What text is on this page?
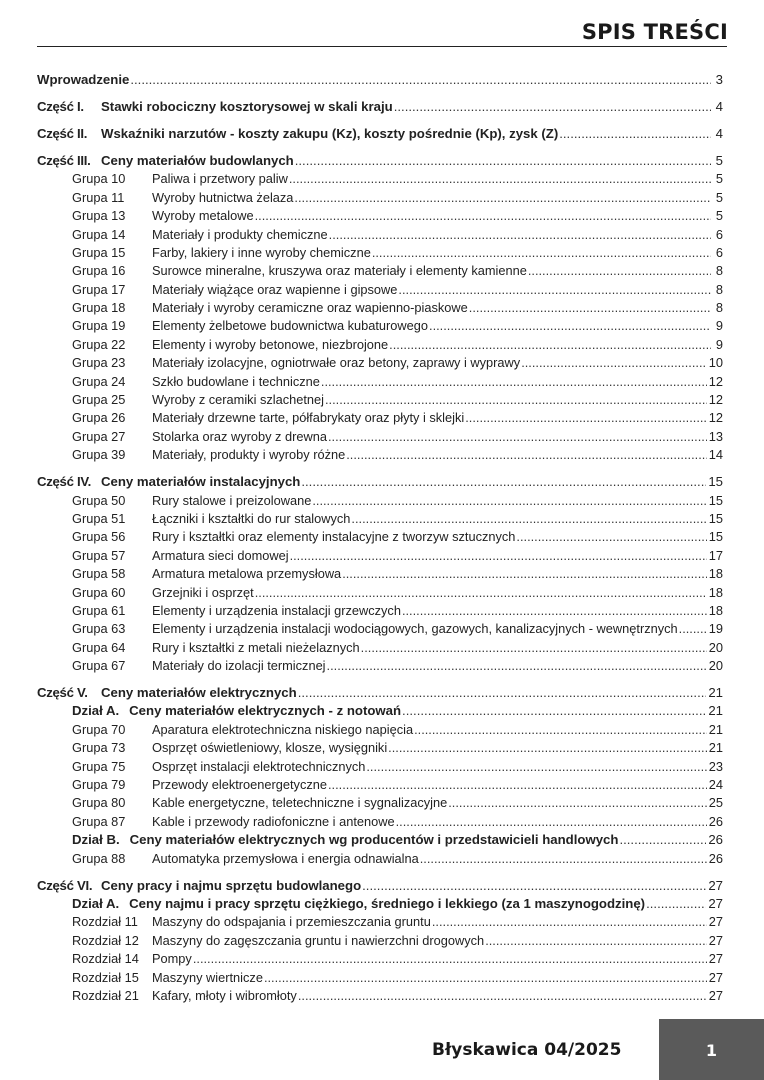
SPIS TREŚCI
Wprowadzenie .....	3
Część I.	Stawki robociczny kosztorysowej w skali kraju .....	4
Część II.	Wskaźniki narzutów - koszty zakupu (Kz), koszty pośrednie (Kp), zysk (Z) .....	4
Część III. Ceny materiałów budowlanych .....	5
Grupa 10	Paliwa i przetwory paliw .....	5
Grupa 11	Wyroby hutnictwa żelaza .....	5
Grupa 13	Wyroby metalowe .....	5
Grupa 14	Materiały i produkty chemiczne .....	6
Grupa 15	Farby, lakiery i inne wyroby chemiczne .....	6
Grupa 16	Surowce mineralne, kruszywa oraz materiały i elementy kamienne .....	8
Grupa 17	Materiały wiążące oraz wapienne i gipsowe .....	8
Grupa 18	Materiały i wyroby ceramiczne oraz wapienno-piaskowe .....	8
Grupa 19	Elementy żelbetowe budownictwa kubaturowego .....	9
Grupa 22	Elementy i wyroby betonowe, niezbrojone .....	9
Grupa 23	Materiały izolacyjne, ogniotrwałe oraz betony, zaprawy i wyprawy .....	10
Grupa 24	Szkło budowlane i techniczne .....	12
Grupa 25	Wyroby z ceramiki szlachetnej .....	12
Grupa 26	Materiały drzewne tarte, półfabrykaty oraz płyty i sklejki .....	12
Grupa 27	Stolarka oraz wyroby z drewna .....	13
Grupa 39	Materiały, produkty i wyroby różne .....	14
Część IV. Ceny materiałów instalacyjnych .....	15
Grupa 50	Rury stalowe i preizolowane .....	15
Grupa 51	Łączniki i kształtki do rur stalowych .....	15
Grupa 56	Rury i kształtki oraz elementy instalacyjne z tworzyw sztucznych .....	15
Grupa 57	Armatura sieci domowej .....	17
Grupa 58	Armatura metalowa przemysłowa .....	18
Grupa 60	Grzejniki i osprzęt .....	18
Grupa 61	Elementy i urządzenia instalacji grzewczych .....	18
Grupa 63	Elementy i urządzenia instalacji wodociągowych, gazowych, kanalizacyjnych - wewnętrznych ..... 19
Grupa 64	Rury i kształtki z metali nieżelaznych .....	20
Grupa 67	Materiały do izolacji termicznej .....	20
Część V.	Ceny materiałów elektrycznych .....	21
Dział A. Ceny materiałów elektrycznych - z notowań .....	21
Grupa 70	Aparatura elektrotechniczna niskiego napięcia .....	21
Grupa 73	Osprzęt oświetleniowy, klosze, wysięgniki .....	21
Grupa 75	Osprzęt instalacji elektrotechnicznych .....	23
Grupa 79	Przewody elektroenergetyczne .....	24
Grupa 80	Kable energetyczne, teletechniczne i sygnalizacyjne .....	25
Grupa 87	Kable i przewody radiofoniczne i antenowe .....	26
Dział B. Ceny materiałów elektrycznych wg producentów i przedstawicieli handlowych .....	26
Grupa 88	Automatyka przemysłowa i energia odnawialna .....	26
Część VI. Ceny pracy i najmu sprzętu budowlanego .....	27
Dział A. Ceny najmu i pracy sprzętu ciężkiego, średniego i lekkiego (za 1 maszynogodzinę) .....	27
Rozdział 11	Maszyny do odspajania i przemieszczania gruntu .....	27
Rozdział 12	Maszyny do zagęszczania gruntu i nawierzchni drogowych .....	27
Rozdział 14	Pompy .....	27
Rozdział 15	Maszyny wiertnicze .....	27
Rozdział 21	Kafary, młoty i wibromłoty .....	27
Błyskawica 04/2025	1
